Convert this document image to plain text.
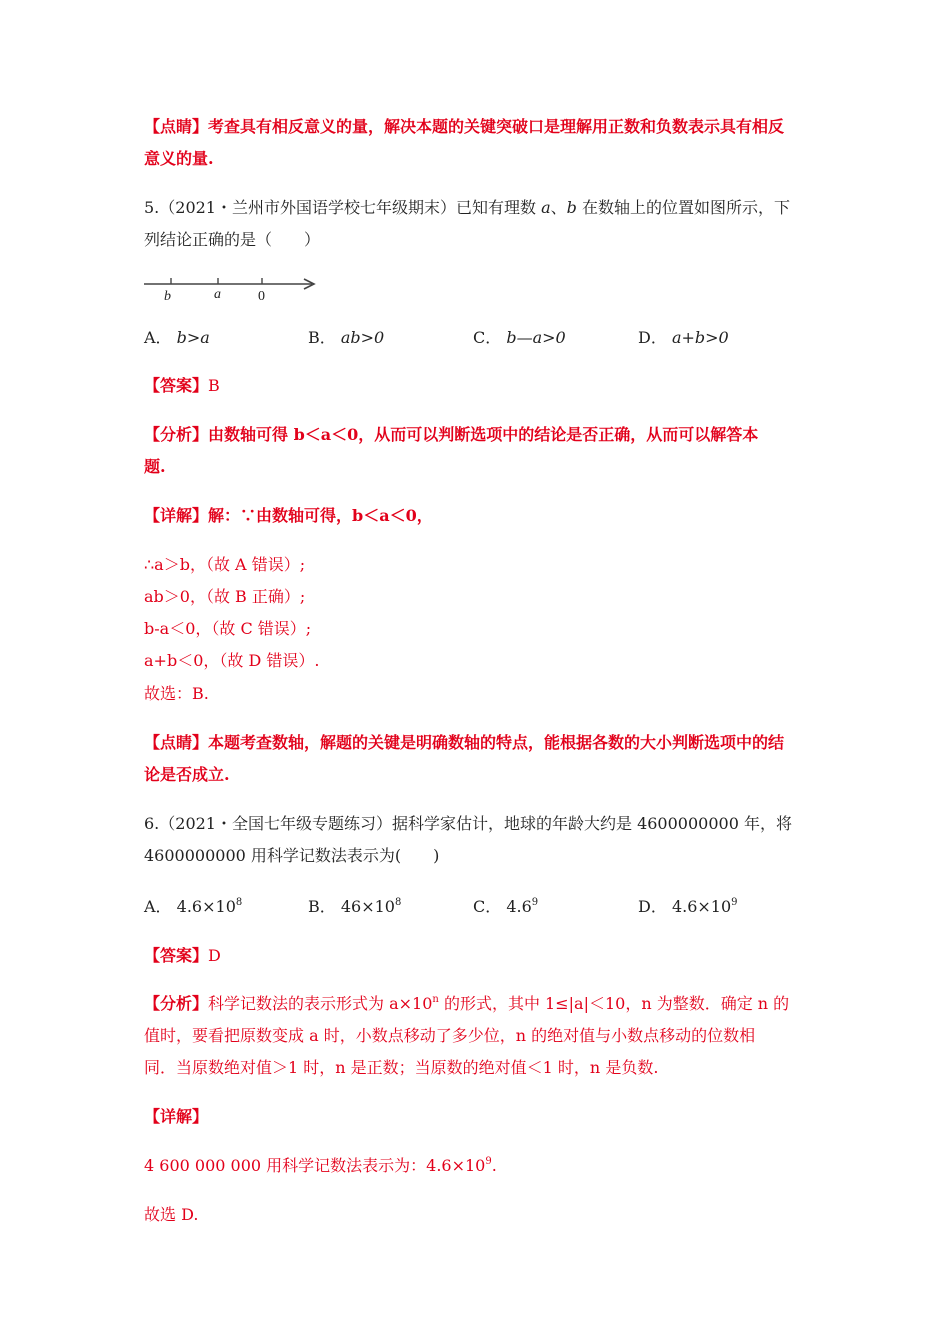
【点睛】考查具有相反意义的量，解决本题的关键突破口是理解用正数和负数表示具有相反
意义的量.
5.（2021・兰州市外国语学校七年级期末）已知有理数 a、b 在数轴上的位置如图所示，下
列结论正确的是（　　）
b	a	0
A． b>a	B． ab>0	C． b—a>0	D． a+b>0
【答案】B
【分析】由数轴可得 b＜a＜0，从而可以判断选项中的结论是否正确，从而可以解答本
题.
【详解】解：∵由数轴可得，b＜a＜0，
∴a＞b，（故 A 错误）;
ab＞0，（故 B 正确）;
b-a＜0，（故 C 错误）;
a+b＜0，（故 D 错误）.
故选：B.
【点睛】本题考查数轴，解题的关键是明确数轴的特点，能根据各数的大小判断选项中的结
论是否成立.
6.（2021・全国七年级专题练习）据科学家估计，地球的年龄大约是 4600000000 年，将
4600000000 用科学记数法表示为(　　)
A． $4.6\times 10^8$	B． $46\times 10^8$	C． $4.6^9$	D． $4.6\times 10^9$
【答案】D
【分析】科学记数法的表示形式为 $a\times 10^n$ 的形式，其中 1≤|a|＜10，n 为整数．确定 n 的
值时，要看把原数变成 a 时，小数点移动了多少位，n 的绝对值与小数点移动的位数相
同．当原数绝对值＞1 时，n 是正数；当原数的绝对值＜1 时，n 是负数.
【详解】
4 600 000 000 用科学记数法表示为：$4.6\times 10^9$.
故选 D.
